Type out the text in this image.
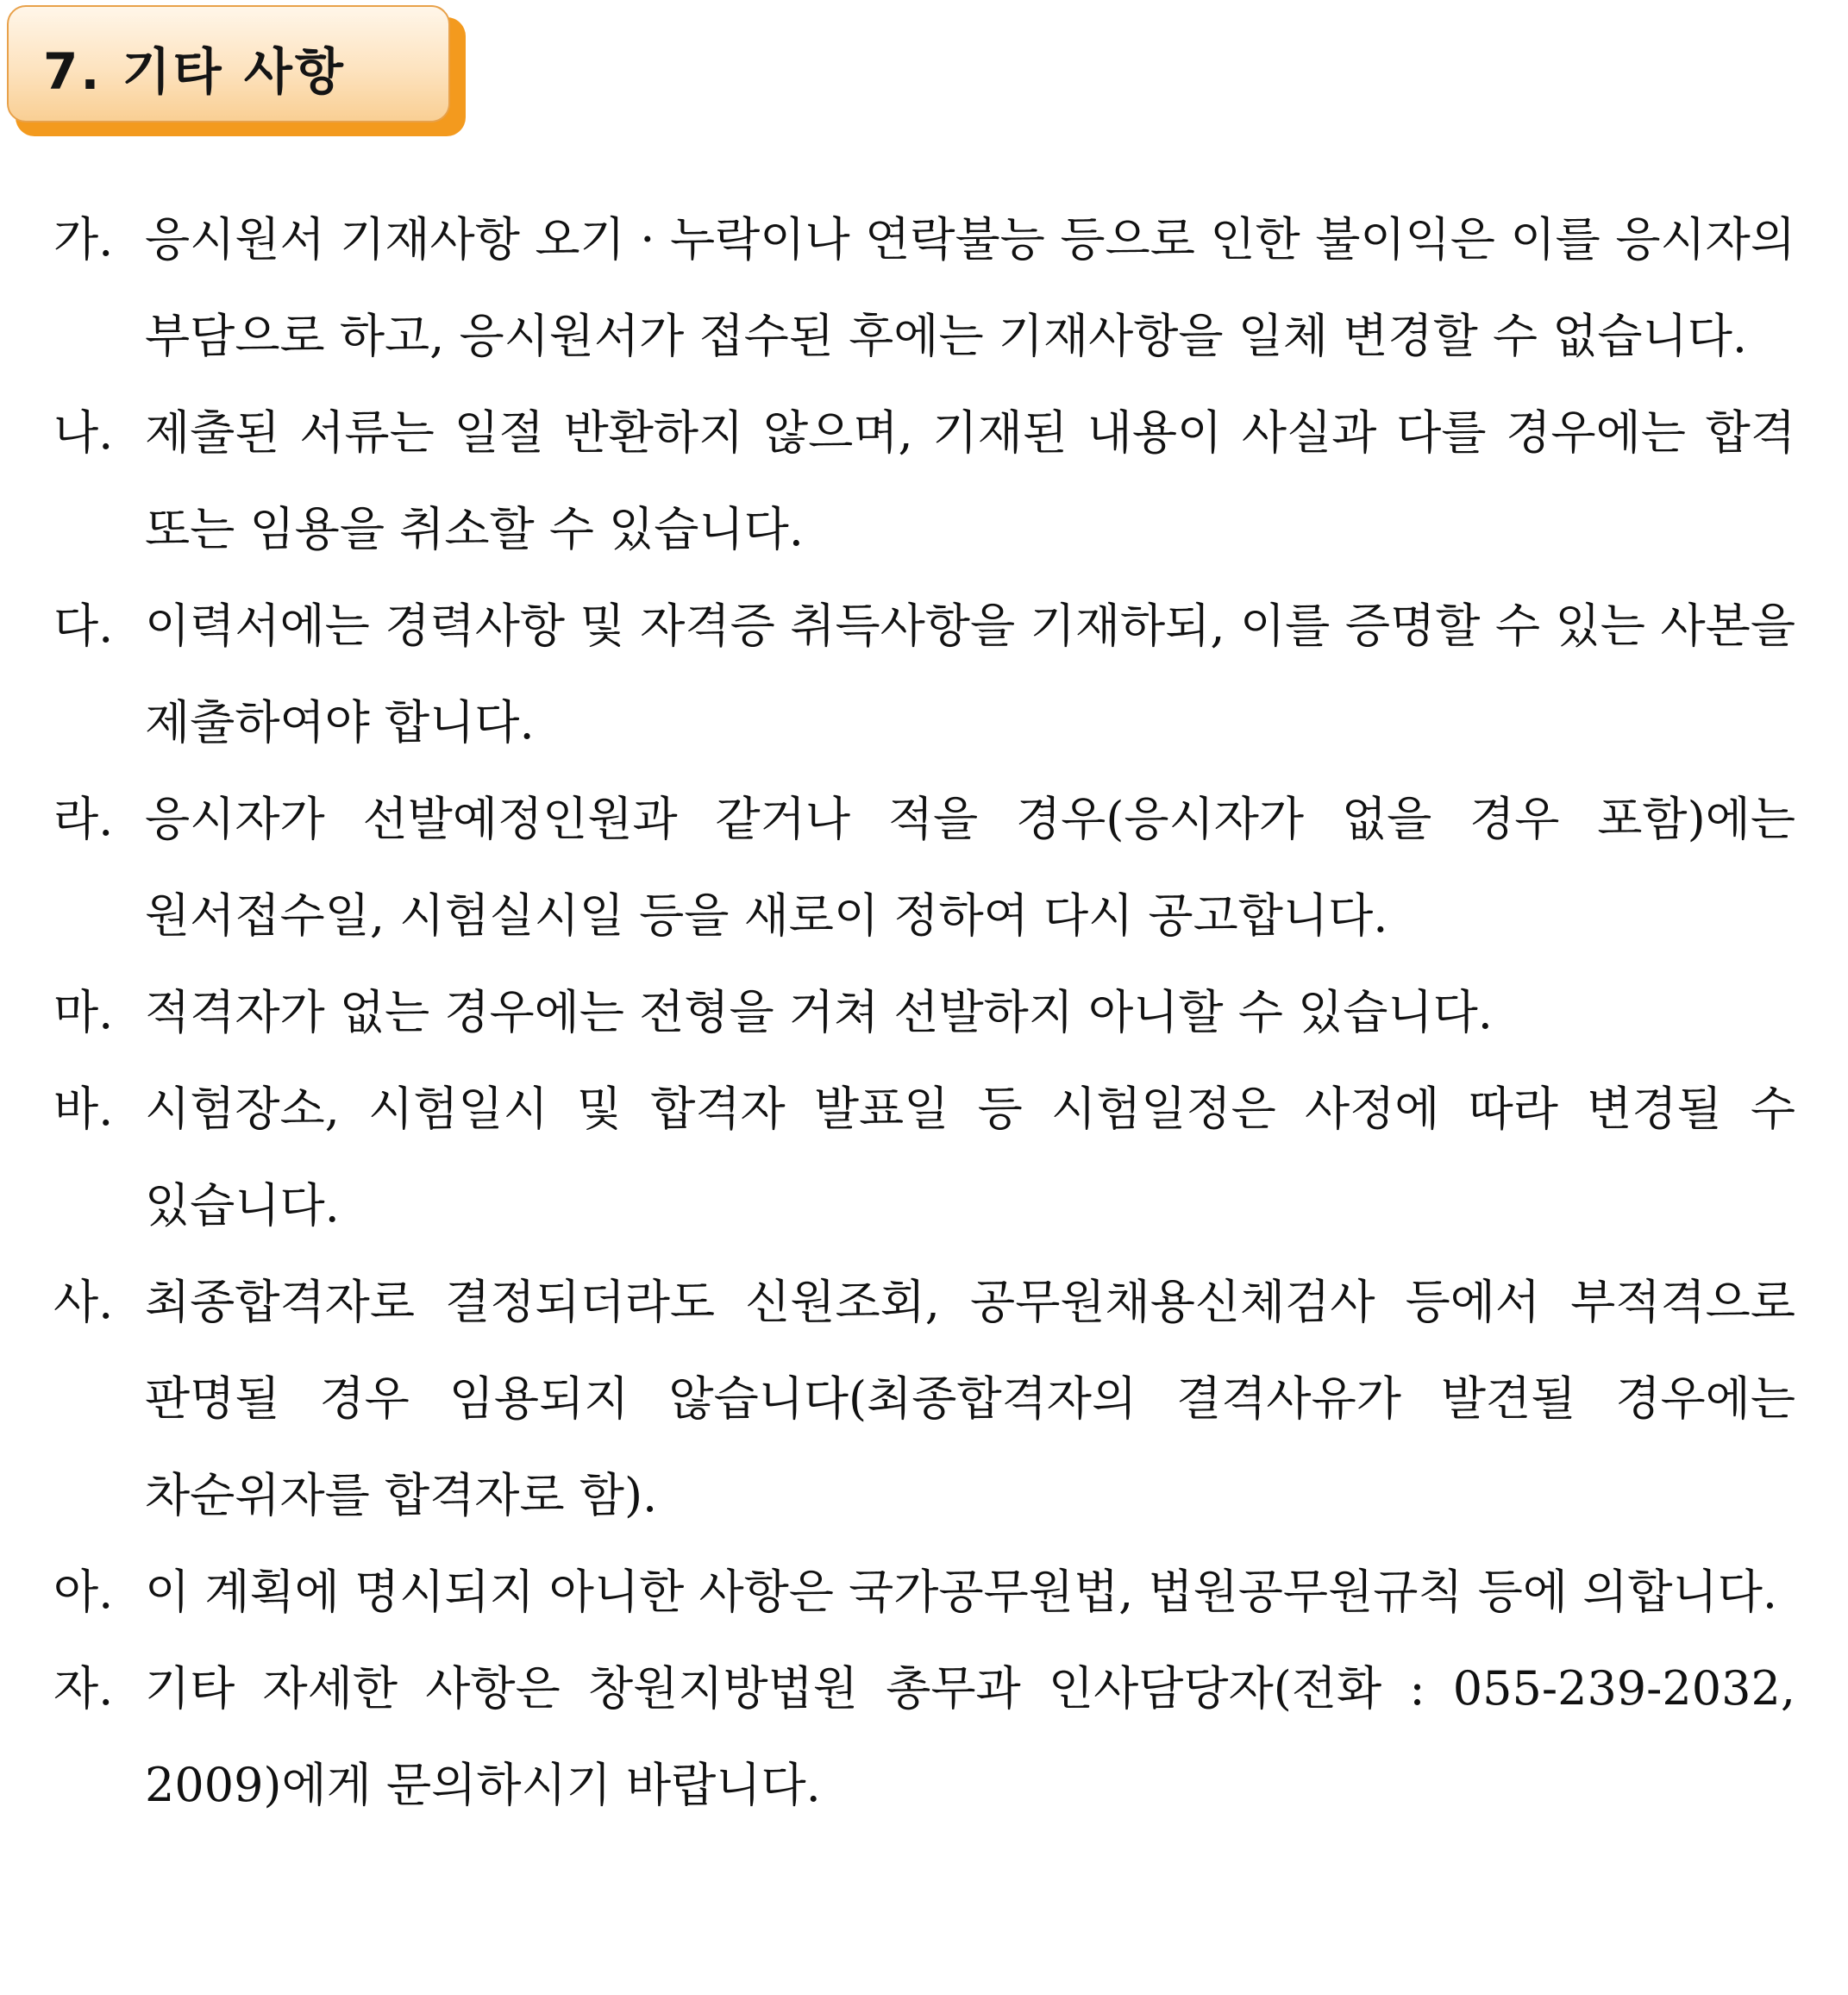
7. 기타 사항
가. 응시원서 기재사항 오기 · 누락이나 연락불능 등으로 인한 불이익은 이를 응시자의 부담으로 하고, 응시원서가 접수된 후에는 기재사항을 일체 변경할 수 없습니다.
나. 제출된 서류는 일절 반환하지 않으며, 기재된 내용이 사실과 다를 경우에는 합격 또는 임용을 취소할 수 있습니다.
다. 이력서에는 경력사항 및 자격증 취득사항을 기재하되, 이를 증명할 수 있는 사본을 제출하여야 합니다.
라. 응시자가 선발예정인원과 같거나 적을 경우(응시자가 없을 경우 포함)에는 원서접수일, 시험실시일 등을 새로이 정하여 다시 공고합니다.
마. 적격자가 없는 경우에는 전형을 거쳐 선발하지 아니할 수 있습니다.
바. 시험장소, 시험일시 및 합격자 발표일 등 시험일정은 사정에 따라 변경될 수 있습니다.
사. 최종합격자로 결정되더라도 신원조회, 공무원채용신체검사 등에서 부적격으로 판명될 경우 임용되지 않습니다(최종합격자의 결격사유가 발견될 경우에는 차순위자를 합격자로 함).
아. 이 계획에 명시되지 아니한 사항은 국가공무원법, 법원공무원규칙 등에 의합니다.
자. 기타 자세한 사항은 창원지방법원 총무과 인사담당자(전화 : 055-239-2032, 2009)에게 문의하시기 바랍니다.
